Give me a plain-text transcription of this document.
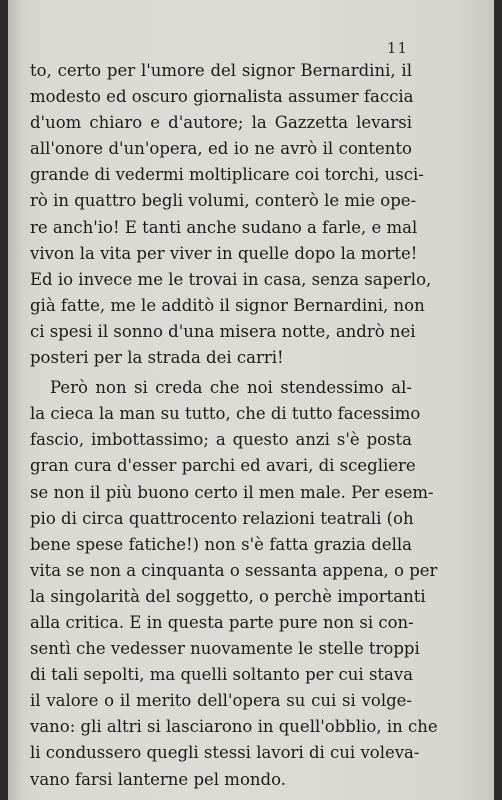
11
to, certo per l'umore del signor Bernardini, il
modesto ed oscuro giornalista assumer faccia
d'uom chiaro e d'autore; la Gazzetta levarsi
all'onore d'un'opera, ed io ne avrò il contento
grande di vedermi moltiplicare coi torchi, usci-
rò in quattro begli volumi, conterò le mie ope-
re anch'io! E tanti anche sudano a farle, e mal
vivon la vita per viver in quelle dopo la morte!
Ed io invece me le trovai in casa, senza saperlo,
già fatte, me le additò il signor Bernardini, non
ci spesi il sonno d'una misera notte, andrò nei
posteri per la strada dei carri!
Però non si creda che noi stendessimo al-
la cieca la man su tutto, che di tutto facessimo
fascio, imbottassimo; a questo anzi s'è posta
gran cura d'esser parchi ed avari, di scegliere
se non il più buono certo il men male. Per esem-
pio di circa quattrocento relazioni teatrali (oh
bene spese fatiche!) non s'è fatta grazia della
vita se non a cinquanta o sessanta appena, o per
la singolarità del soggetto, o perchè importanti
alla critica. E in questa parte pure non si con-
sentì che vedesser nuovamente le stelle troppi
di tali sepolti, ma quelli soltanto per cui stava
il valore o il merito dell'opera su cui si volge-
vano: gli altri si lasciarono in quell'obblio, in che
li condussero quegli stessi lavori di cui voleva-
vano farsi lanterne pel mondo.
